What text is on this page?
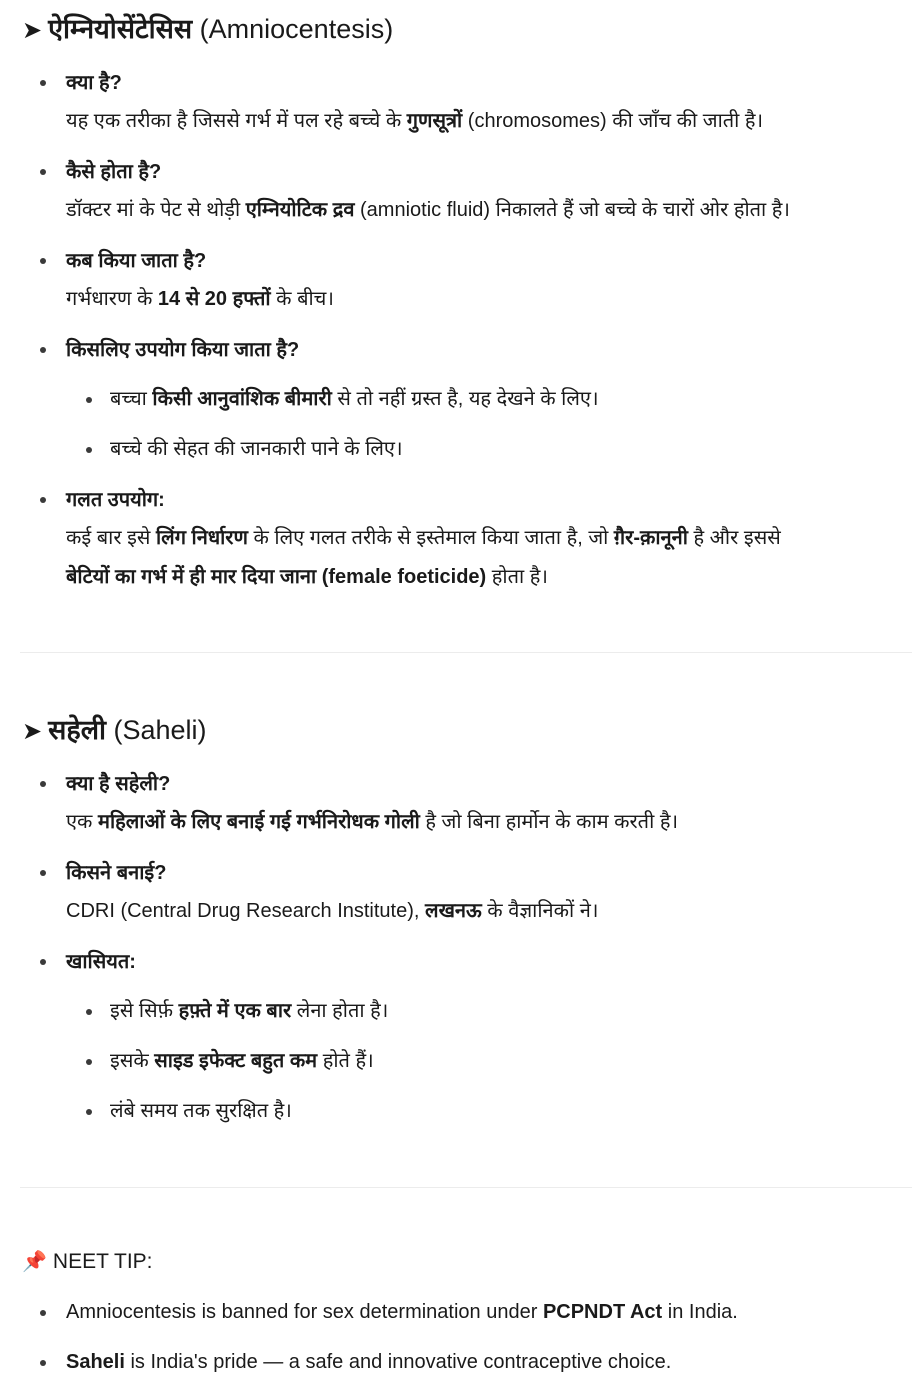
➤ ऐम्नियोसेंटेसिस (Amniocentesis)
क्या है?
यह एक तरीका है जिससे गर्भ में पल रहे बच्चे के गुणसूत्रों (chromosomes) की जाँच की जाती है।
कैसे होता है?
डॉक्टर मां के पेट से थोड़ी एम्नियोटिक द्रव (amniotic fluid) निकालते हैं जो बच्चे के चारों ओर होता है।
कब किया जाता है?
गर्भधारण के 14 से 20 हफ्तों के बीच।
किसलिए उपयोग किया जाता है?
बच्चा किसी आनुवांशिक बीमारी से तो नहीं ग्रस्त है, यह देखने के लिए।
बच्चे की सेहत की जानकारी पाने के लिए।
गलत उपयोग:
कई बार इसे लिंग निर्धारण के लिए गलत तरीके से इस्तेमाल किया जाता है, जो ग़ैर-क़ानूनी है और इससे
बेटियों का गर्भ में ही मार दिया जाना (female foeticide) होता है।
➤ सहेली (Saheli)
क्या है सहेली?
एक महिलाओं के लिए बनाई गई गर्भनिरोधक गोली है जो बिना हार्मोन के काम करती है।
किसने बनाई?
CDRI (Central Drug Research Institute), लखनऊ के वैज्ञानिकों ने।
खासियत:
इसे सिर्फ़ हफ़्ते में एक बार लेना होता है।
इसके साइड इफेक्ट बहुत कम होते हैं।
लंबे समय तक सुरक्षित है।
📌 NEET TIP:
Amniocentesis is banned for sex determination under PCPNDT Act in India.
Saheli is India's pride — a safe and innovative contraceptive choice.
